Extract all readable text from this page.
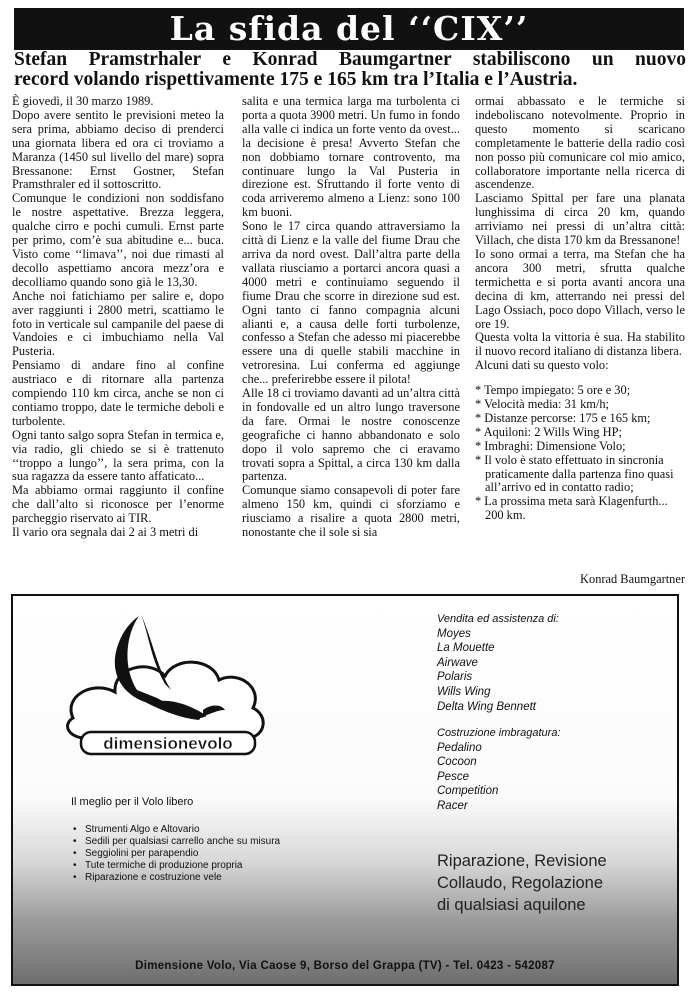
La sfida del ‘‘CIX’’
Stefan Pramstrhaler e Konrad Baumgartner stabiliscono un nuovo
record volando rispettivamente 175 e 165 km tra l’Italia e l’Austria.

È giovedì, il 30 marzo 1989.

Dopo avere sentito le previsioni meteo la sera prima, abbiamo deciso di prenderci una giornata libera ed ora ci troviamo a Maranza (1450 sul livello del mare) sopra Bressanone: Ernst Gostner, Stefan Pramsthraler ed il sottoscritto.

Comunque le condizioni non soddisfano le nostre aspettative. Brezza leggera, qualche cirro e pochi cumuli. Ernst parte per primo, com’è sua abitudine e... buca. Visto come ‘‘limava’’, noi due rimasti al decollo aspettiamo ancora mezz’ora e decolliamo quando sono già le 13,30.

Anche noi fatichiamo per salire e, dopo aver raggiunti i 2800 metri, scattiamo le foto in verticale sul campanile del paese di Vandoies e ci imbuchiamo nella Val Pusteria.

Pensiamo di andare fino al confine austriaco e di ritornare alla partenza compiendo 110 km circa, anche se non ci contiamo troppo, date le termiche deboli e turbolente.

Ogni tanto salgo sopra Stefan in termica e, via radio, gli chiedo se si è trattenuto ‘‘troppo a lungo’’, la sera prima, con la sua ragazza da essere tanto affaticato...

Ma abbiamo ormai raggiunto il confine che dall’alto si riconosce per l’enorme parcheggio riservato ai TIR.

Il vario ora segnala dai 2 ai 3 metri di

salita e una termica larga ma turbolenta ci porta a quota 3900 metri. Un fumo in fondo alla valle ci indica un forte vento da ovest... la decisione è presa! Avverto Stefan che non dobbiamo tornare controvento, ma continuare lungo la Val Pusteria in direzione est. Sfruttando il forte vento di coda arriveremo almeno a Lienz: sono 100 km buoni.

Sono le 17 circa quando attraversiamo la città di Lienz e la valle del fiume Drau che arriva da nord ovest. Dall’altra parte della vallata riusciamo a portarci ancora quasi a 4000 metri e continuiamo seguendo il fiume Drau che scorre in direzione sud est. Ogni tanto ci fanno compagnia alcuni alianti e, a causa delle forti turbolenze, confesso a Stefan che adesso mi piacerebbe essere una di quelle stabili macchine in vetroresina. Lui conferma ed aggiunge che... preferirebbe essere il pilota!

Alle 18 ci troviamo davanti ad un’altra città in fondovalle ed un altro lungo traversone da fare. Ormai le nostre conoscenze geografiche ci hanno abbandonato e solo dopo il volo sapremo che ci eravamo trovati sopra a Spittal, a circa 130 km dalla partenza.

Comunque siamo consapevoli di poter fare almeno 150 km, quindi ci sforziamo e riusciamo a risalire a quota 2800 metri, nonostante che il sole si sia

ormai abbassato e le termiche si indeboliscano notevolmente. Proprio in questo momento si scaricano completamente le batterie della radio così non posso più comunicare col mio amico, collaboratore importante nella ricerca di ascendenze.

Lasciamo Spittal per fare una planata lunghissima di circa 20 km, quando arriviamo nei pressi di un’altra città: Villach, che dista 170 km da Bressanone!

Io sono ormai a terra, ma Stefan che ha ancora 300 metri, sfrutta qualche termichetta e si porta avanti ancora una decina di km, atterrando nei pressi del Lago Ossiach, poco dopo Villach, verso le ore 19.

Questa volta la vittoria è sua. Ha stabilito il nuovo record italiano di distanza libera.

Alcuni dati su questo volo:

* Tempo impiegato: 5 ore e 30;
* Velocità media: 31 km/h;
* Distanze percorse: 175 e 165 km;
* Aquiloni: 2 Wills Wing HP;
* Imbraghi: Dimensione Volo;
* Il volo è stato effettuato in sincronia praticamente dalla partenza fino quasi all’arrivo ed in contatto radio;
* La prossima meta sarà Klagenfurth... 200 km.
Konrad Baumgartner
dimensionevolo
Il meglio per il Volo libero
• Strumenti Algo e Altovario
• Sedili per qualsiasi carrello anche su misura
• Seggiolini per parapendio
• Tute termiche di produzione propria
• Riparazione e costruzione vele
Vendita ed assistenza di:
Moyes
La Mouette
Airwave
Polaris
Wills Wing
Delta Wing Bennett
Costruzione imbragatura:
Pedalino
Cocoon
Pesce
Competition
Racer
Riparazione, Revisione
Collaudo, Regolazione
di qualsiasi aquilone
Dimensione Volo, Via Caose 9, Borso del Grappa (TV) - Tel. 0423 - 542087
